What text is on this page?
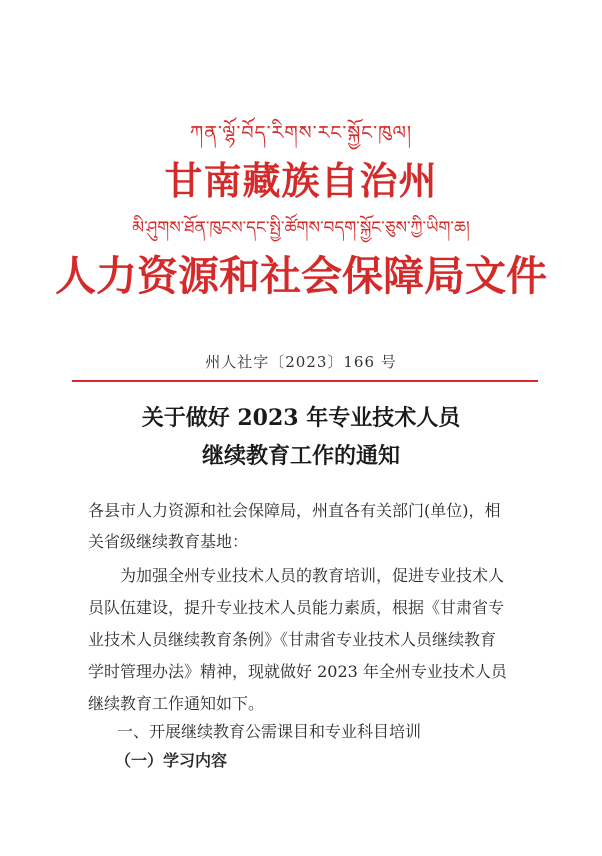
ཀན་ལྷོ་བོད་རིགས་རང་སྐྱོང་ཁུལ།
甘南藏族自治州
མི་ཤུགས་ཐོན་ཁུངས་དང་སྤྱི་ཚོགས་བདག་སྐྱོང་ཅུས་ཀྱི་ཡིག་ཆ།
人力资源和社会保障局文件
州人社字〔2023〕166 号
关于做好 2023 年专业技术人员
继续教育工作的通知
各县市人力资源和社会保障局，州直各有关部门(单位)，相
关省级继续教育基地：
为加强全州专业技术人员的教育培训，促进专业技术人
员队伍建设，提升专业技术人员能力素质，根据《甘肃省专
业技术人员继续教育条例》《甘肃省专业技术人员继续教育
学时管理办法》精神，现就做好 2023 年全州专业技术人员
继续教育工作通知如下。
一、开展继续教育公需课目和专业科目培训
（一）学习内容
